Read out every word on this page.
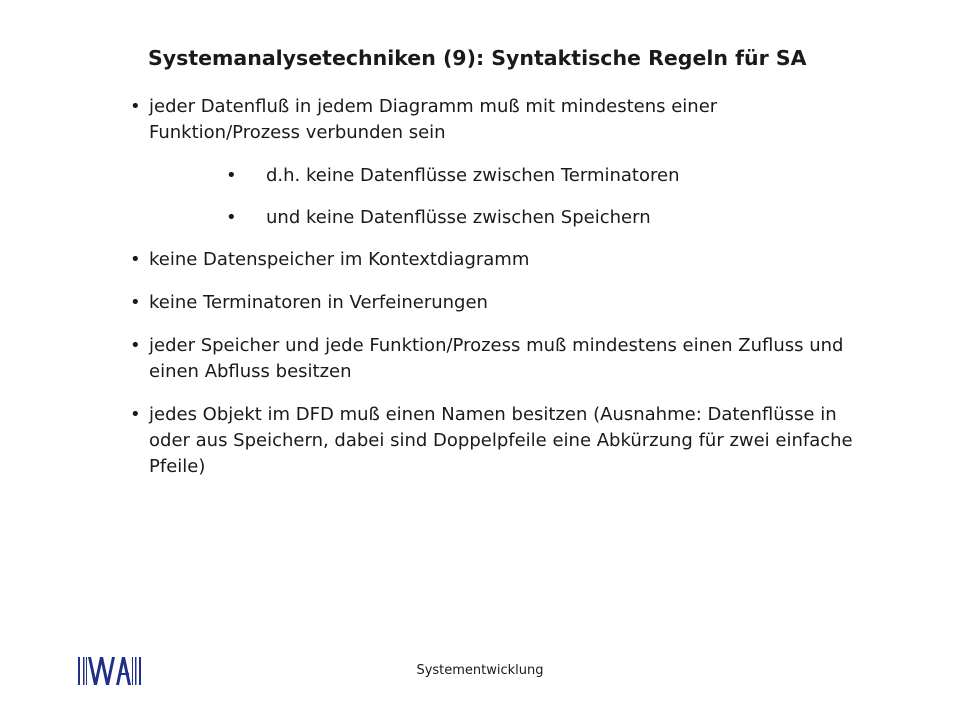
Systemanalysetechniken (9): Syntaktische Regeln für SA
• jeder Datenfluß in jedem Diagramm muß mit mindestens einer Funktion/Prozess verbunden sein
• d.h. keine Datenflüsse zwischen Terminatoren
• und keine Datenflüsse zwischen Speichern
• keine Datenspeicher im Kontextdiagramm
• keine Terminatoren in Verfeinerungen
• jeder Speicher und jede Funktion/Prozess muß mindestens einen Zufluss und einen Abfluss besitzen
• jedes Objekt im DFD muß einen Namen besitzen (Ausnahme: Datenflüsse in oder aus Speichern, dabei sind Doppelpfeile eine Abkürzung für zwei einfache Pfeile)
Systementwicklung
